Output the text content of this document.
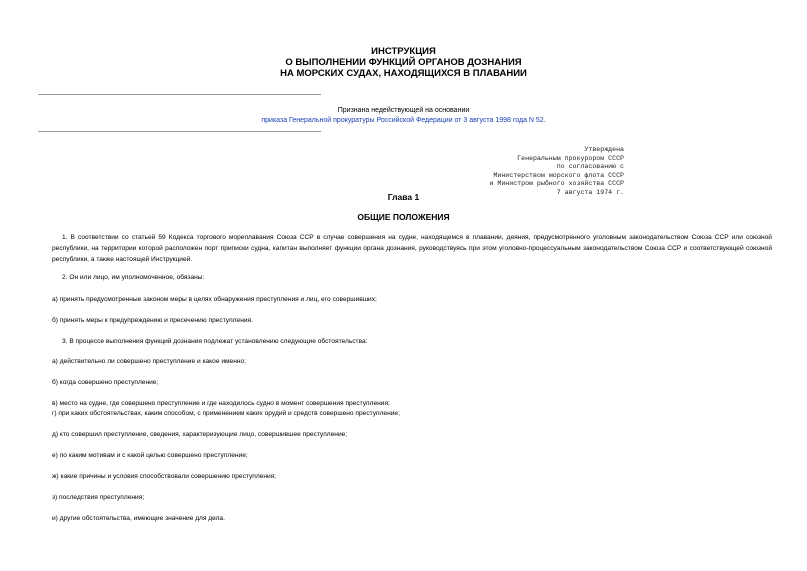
ИНСТРУКЦИЯ
О ВЫПОЛНЕНИИ ФУНКЦИЙ ОРГАНОВ ДОЗНАНИЯ
НА МОРСКИХ СУДАХ, НАХОДЯЩИХСЯ В ПЛАВАНИИ
Признана недействующей на основании
приказа Генеральной прокуратуры Российской Федерации от 3 августа 1998 года N 52.
Утверждена
Генеральным прокурором СССР
по согласованию с
Министерством морского флота СССР
и Министром рыбного хозяйства СССР
7 августа 1974 г.
Глава 1
ОБЩИЕ ПОЛОЖЕНИЯ
1. В соответствии со статьей 59 Кодекса торгового мореплавания Союза ССР в случае совершения на судне, находящемся в плавании, деяния, предусмотренного уголовным законодательством Союза ССР или союзной республики, на территории которой расположен порт приписки судна, капитан выполняет функции органа дознания, руководствуясь при этом уголовно-процессуальным законодательством Союза ССР и соответствующей союзной республики, а также настоящей Инструкцией.
2. Он или лицо, им уполномоченное, обязаны:
а) принять предусмотренные законом меры в целях обнаружения преступления и лиц, его совершивших;
б) принять меры к предупреждению и пресечению преступления.
3. В процессе выполнения функций дознания подлежат установлению следующие обстоятельства:
а) действительно ли совершено преступление и какое именно;
б) когда совершено преступление;
в) место на судне, где совершено преступление и где находилось судно в момент совершения преступления;
г) при каких обстоятельствах, каким способом, с применением каких орудий и средств совершено преступление;
д) кто совершил преступление, сведения, характеризующие лицо, совершившее преступление;
е) по каким мотивам и с какой целью совершено преступление;
ж) какие причины и условия способствовали совершению преступления;
з) последствия преступления;
и) другие обстоятельства, имеющие значение для дела.
